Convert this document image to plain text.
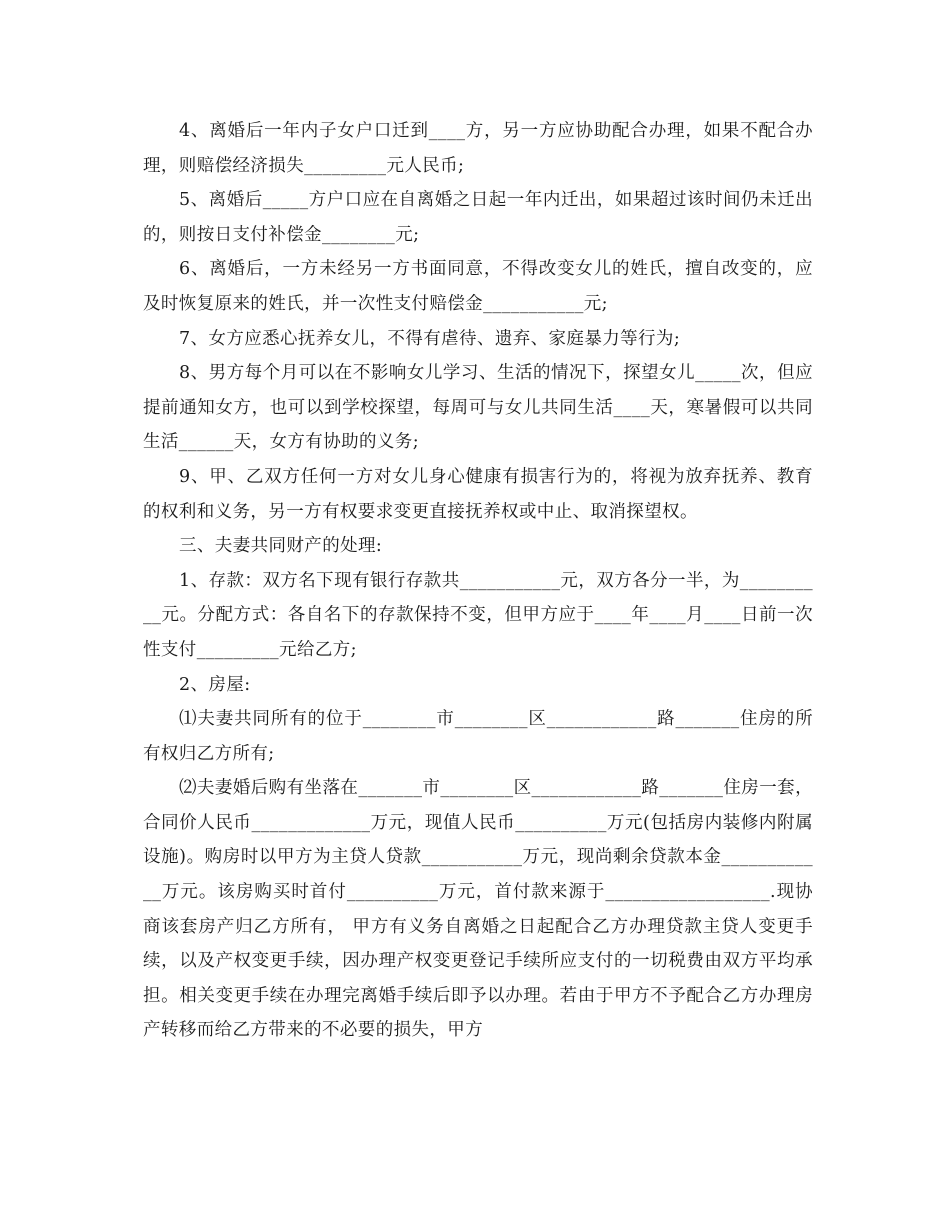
4、离婚后一年内子女户口迁到____方，另一方应协助配合办理，如果不配合办理，则赔偿经济损失_________元人民币;

5、离婚后_____方户口应在自离婚之日起一年内迁出，如果超过该时间仍未迁出的，则按日支付补偿金________元;

6、离婚后，一方未经另一方书面同意，不得改变女儿的姓氏，擅自改变的，应及时恢复原来的姓氏，并一次性支付赔偿金___________元;

7、女方应悉心抚养女儿，不得有虐待、遗弃、家庭暴力等行为;

8、男方每个月可以在不影响女儿学习、生活的情况下，探望女儿_____次，但应提前通知女方，也可以到学校探望，每周可与女儿共同生活____天，寒暑假可以共同生活______天，女方有协助的义务;

9、甲、乙双方任何一方对女儿身心健康有损害行为的，将视为放弃抚养、教育的权利和义务，另一方有权要求变更直接抚养权或中止、取消探望权。

三、夫妻共同财产的处理:

1、存款：双方名下现有银行存款共___________元，双方各分一半，为__________元。分配方式：各自名下的存款保持不变，但甲方应于____年____月____日前一次性支付_________元给乙方;

2、房屋:

⑴夫妻共同所有的位于________市________区____________路_______住房的所有权归乙方所有;

⑵夫妻婚后购有坐落在_______市________区____________路_______住房一套，合同价人民币_____________万元，现值人民币__________万元(包括房内装修内附属设施)。购房时以甲方为主贷人贷款___________万元，现尚剩余贷款本金____________万元。该房购买时首付__________万元，首付款来源于__________________.现协商该套房产归乙方所有， 甲方有义务自离婚之日起配合乙方办理贷款主贷人变更手续，以及产权变更手续，因办理产权变更登记手续所应支付的一切税费由双方平均承担。相关变更手续在办理完离婚手续后即予以办理。若由于甲方不予配合乙方办理房产转移而给乙方带来的不必要的损失，甲方
